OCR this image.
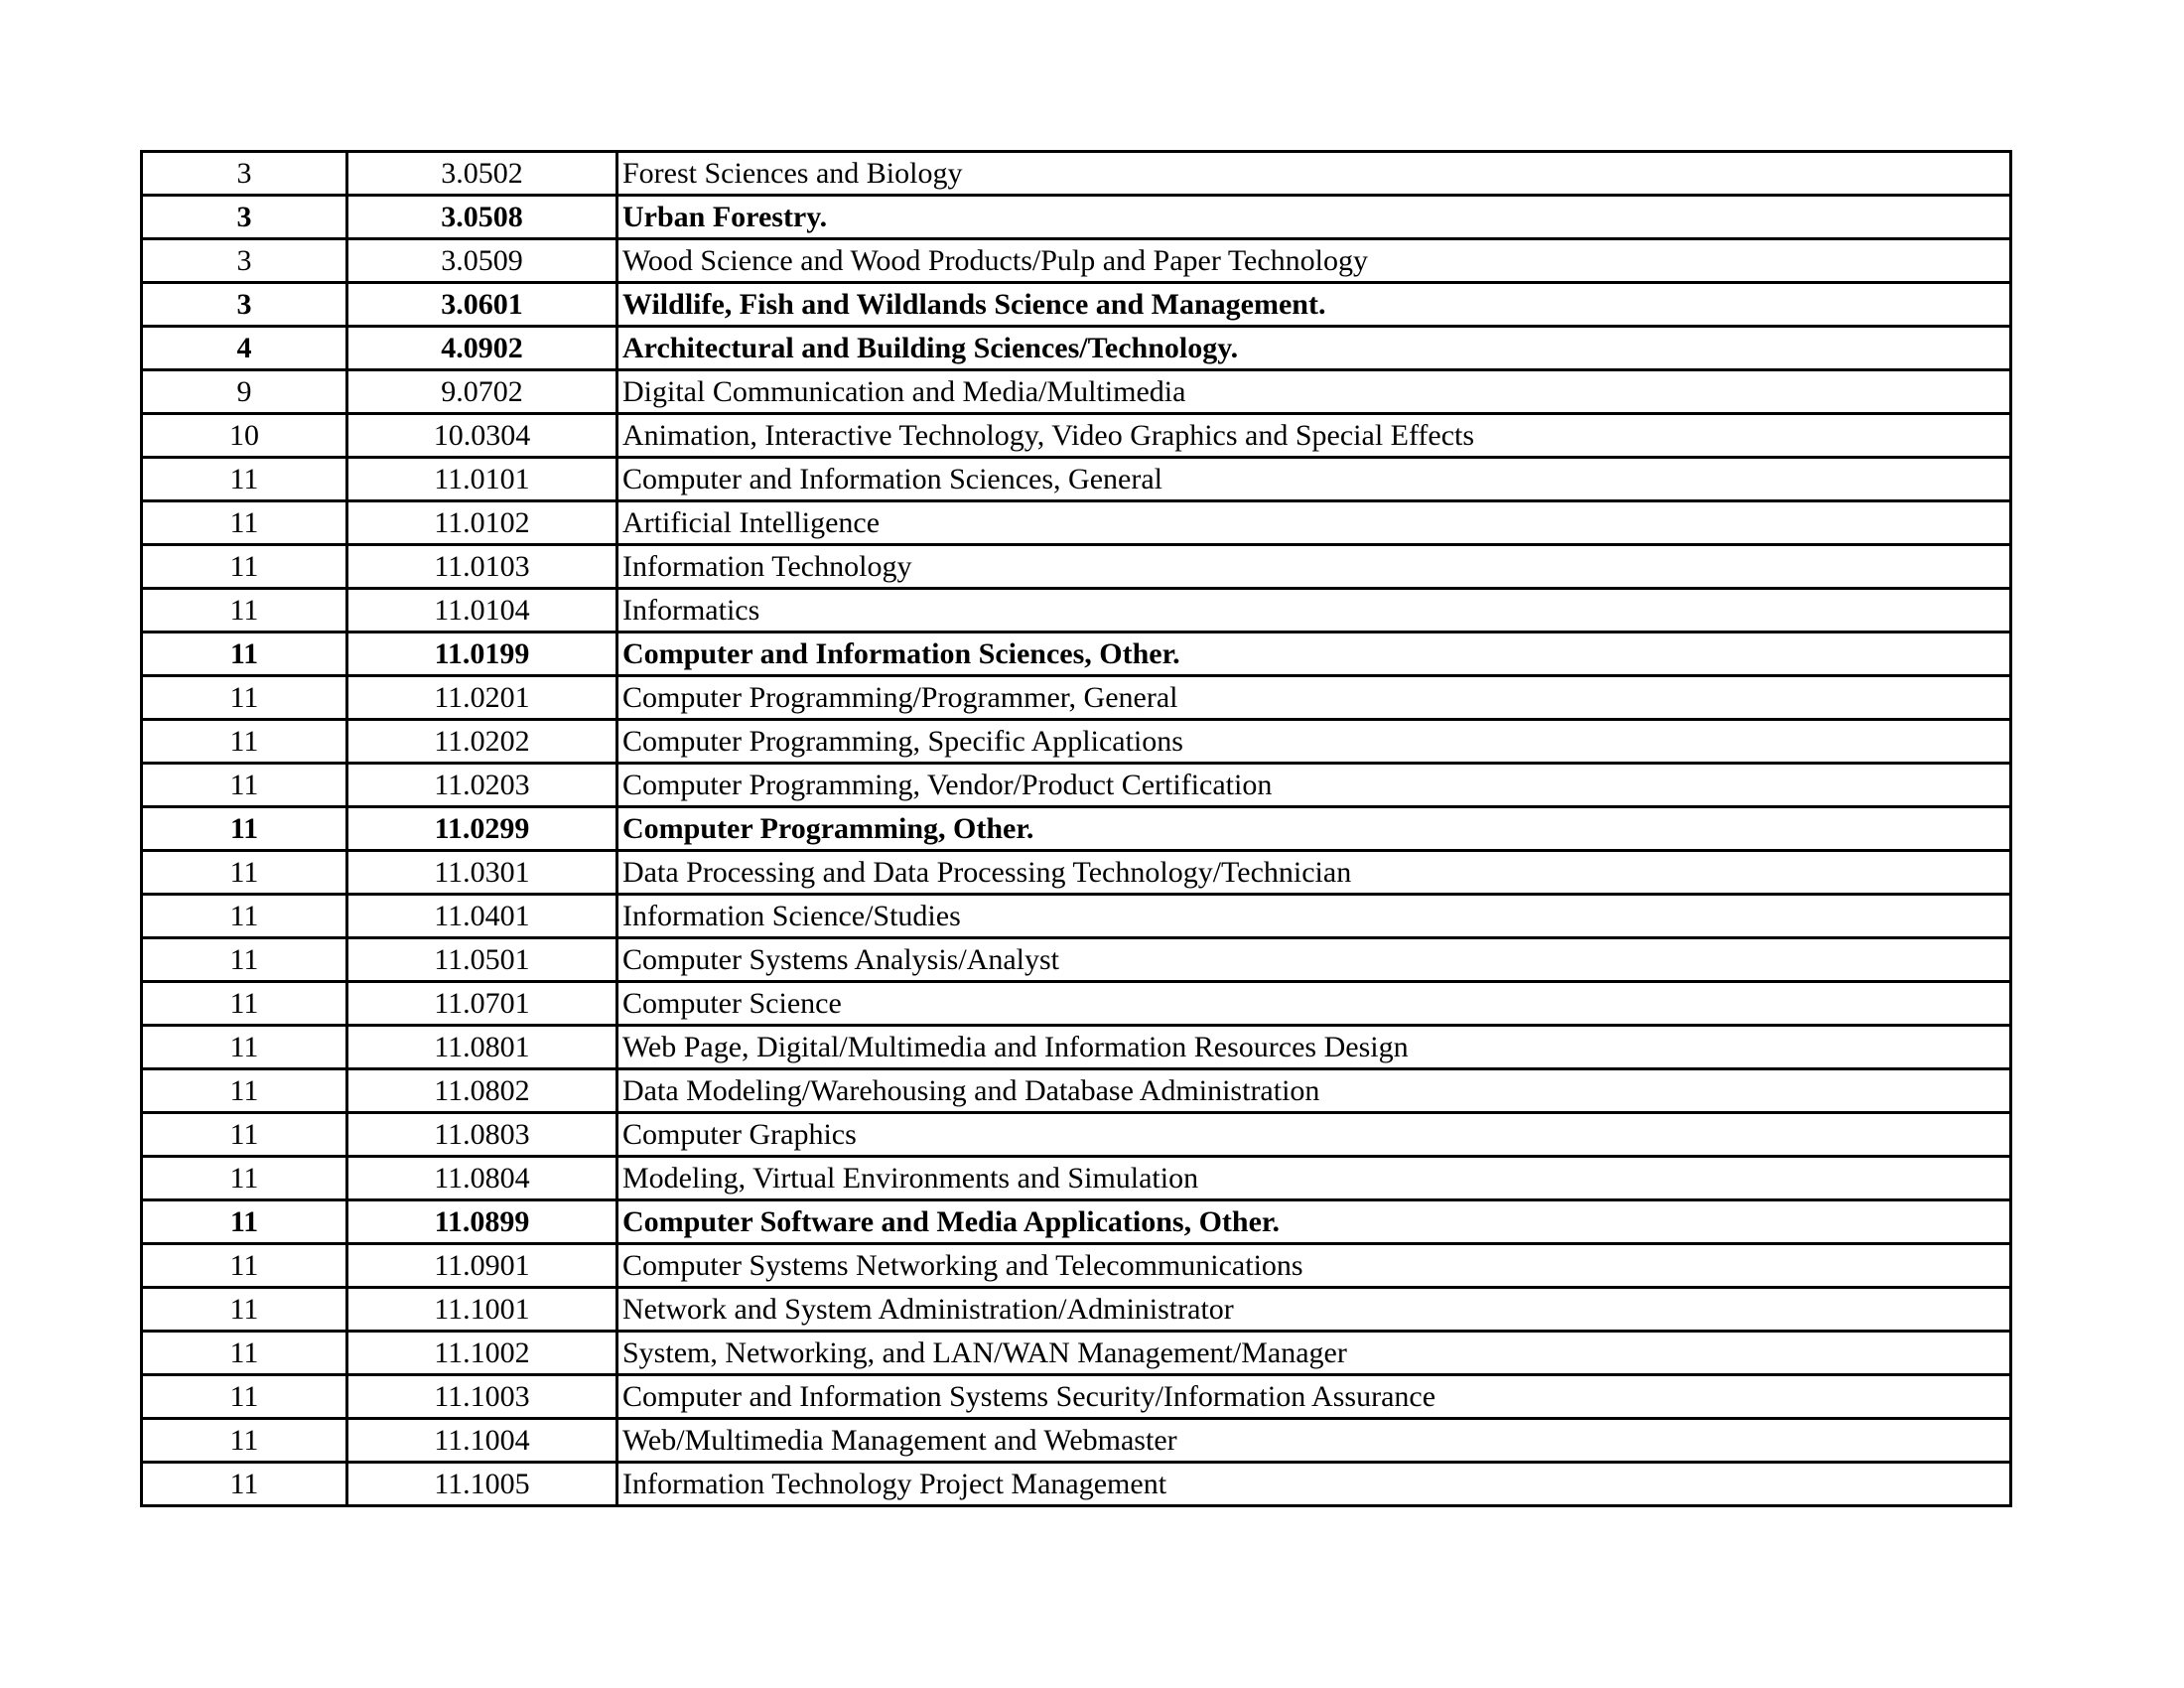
3	3.0502	Forest Sciences and Biology
3	3.0508	Urban Forestry.
3	3.0509	Wood Science and Wood Products/Pulp and Paper Technology
3	3.0601	Wildlife, Fish and Wildlands Science and Management.
4	4.0902	Architectural and Building Sciences/Technology.
9	9.0702	Digital Communication and Media/Multimedia
10	10.0304	Animation, Interactive Technology, Video Graphics and Special Effects
11	11.0101	Computer and Information Sciences, General
11	11.0102	Artificial Intelligence
11	11.0103	Information Technology
11	11.0104	Informatics
11	11.0199	Computer and Information Sciences, Other.
11	11.0201	Computer Programming/Programmer, General
11	11.0202	Computer Programming, Specific Applications
11	11.0203	Computer Programming, Vendor/Product Certification
11	11.0299	Computer Programming, Other.
11	11.0301	Data Processing and Data Processing Technology/Technician
11	11.0401	Information Science/Studies
11	11.0501	Computer Systems Analysis/Analyst
11	11.0701	Computer Science
11	11.0801	Web Page, Digital/Multimedia and Information Resources Design
11	11.0802	Data Modeling/Warehousing and Database Administration
11	11.0803	Computer Graphics
11	11.0804	Modeling, Virtual Environments and Simulation
11	11.0899	Computer Software and Media Applications, Other.
11	11.0901	Computer Systems Networking and Telecommunications
11	11.1001	Network and System Administration/Administrator
11	11.1002	System, Networking, and LAN/WAN Management/Manager
11	11.1003	Computer and Information Systems Security/Information Assurance
11	11.1004	Web/Multimedia Management and Webmaster
11	11.1005	Information Technology Project Management
